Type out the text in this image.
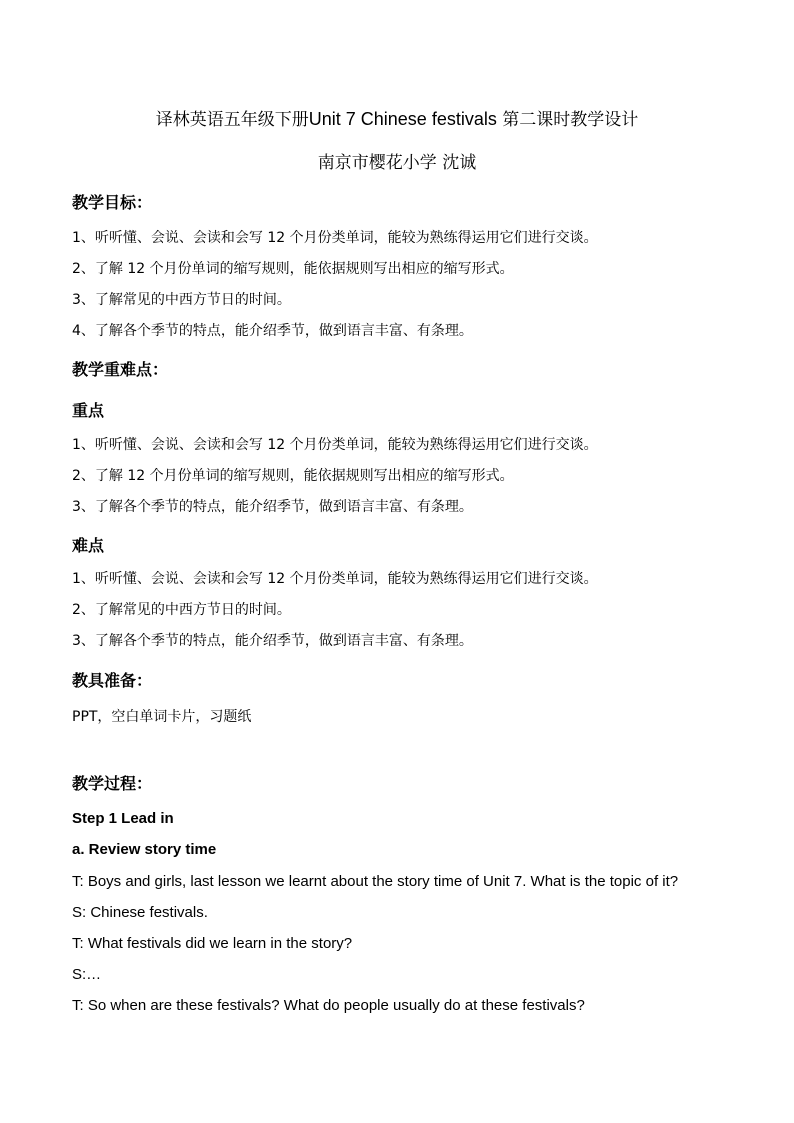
译林英语五年级下册Unit 7 Chinese festivals 第二课时教学设计
南京市樱花小学 沈诚
教学目标：
1、听听懂、会说、会读和会写 12 个月份类单词，能较为熟练得运用它们进行交谈。
2、了解 12 个月份单词的缩写规则，能依据规则写出相应的缩写形式。
3、了解常见的中西方节日的时间。
4、了解各个季节的特点，能介绍季节，做到语言丰富、有条理。
教学重难点：
重点
1、听听懂、会说、会读和会写 12 个月份类单词，能较为熟练得运用它们进行交谈。
2、了解 12 个月份单词的缩写规则，能依据规则写出相应的缩写形式。
3、了解各个季节的特点，能介绍季节，做到语言丰富、有条理。
难点
1、听听懂、会说、会读和会写 12 个月份类单词，能较为熟练得运用它们进行交谈。
2、了解常见的中西方节日的时间。
3、了解各个季节的特点，能介绍季节，做到语言丰富、有条理。
教具准备：
PPT，空白单词卡片，习题纸
教学过程：
Step 1 Lead in
a. Review story time
T: Boys and girls, last lesson we learnt about the story time of Unit 7. What is the topic of it?
S: Chinese festivals.
T: What festivals did we learn in the story?
S:…
T: So when are these festivals? What do people usually do at these festivals?
